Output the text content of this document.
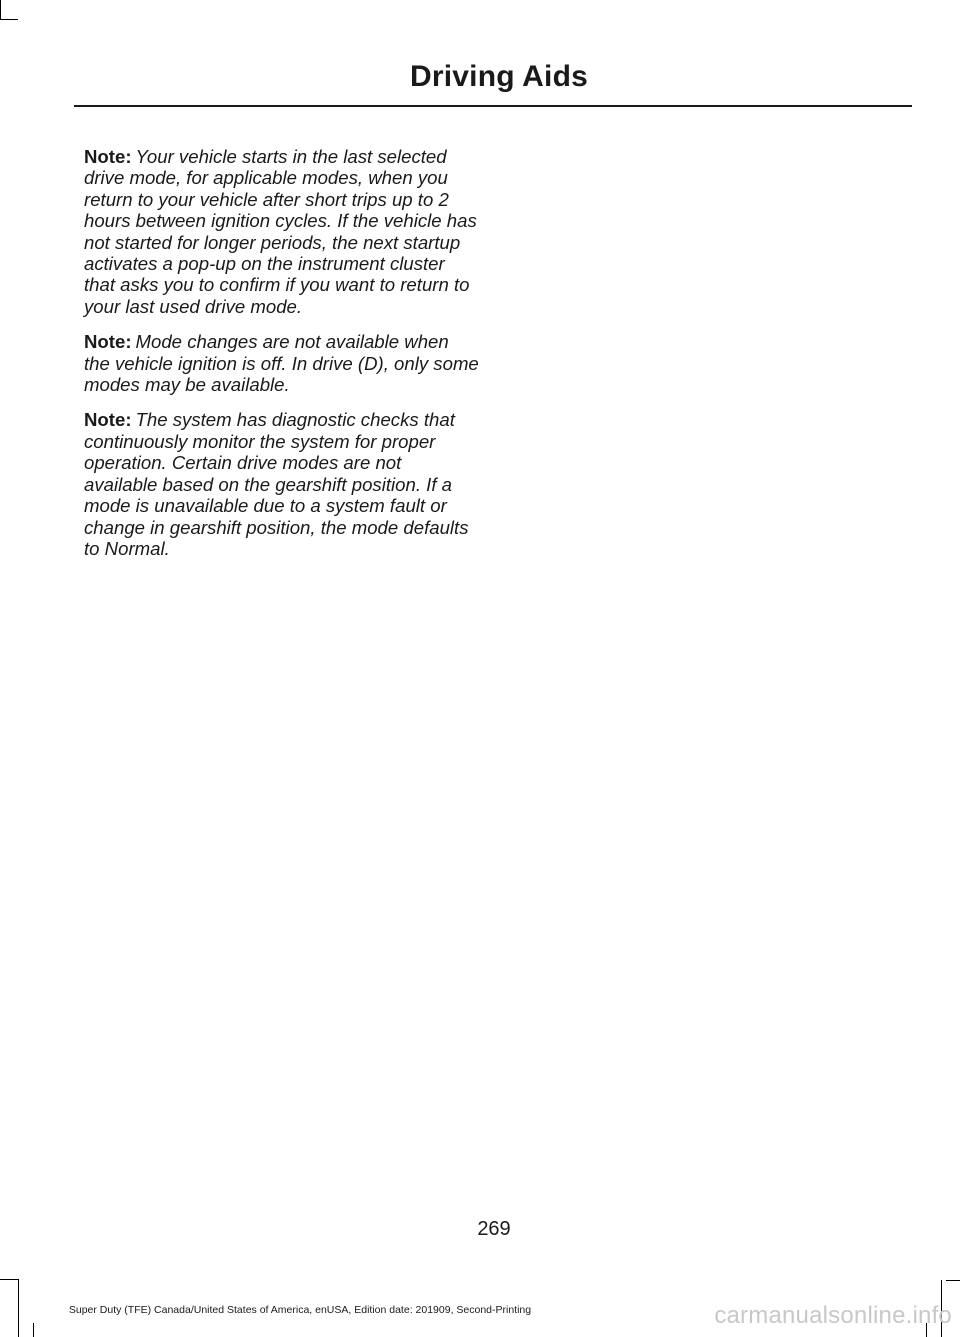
Driving Aids

Note: Your vehicle starts in the last selected drive mode, for applicable modes, when you return to your vehicle after short trips up to 2 hours between ignition cycles. If the vehicle has not started for longer periods, the next startup activates a pop-up on the instrument cluster that asks you to confirm if you want to return to your last used drive mode.

Note: Mode changes are not available when the vehicle ignition is off. In drive (D), only some modes may be available.

Note: The system has diagnostic checks that continuously monitor the system for proper operation. Certain drive modes are not available based on the gearshift position. If a mode is unavailable due to a system fault or change in gearshift position, the mode defaults to Normal.

269
Super Duty (TFE) Canada/United States of America, enUSA, Edition date: 201909, Second-Printing	carmanualsonline.info
